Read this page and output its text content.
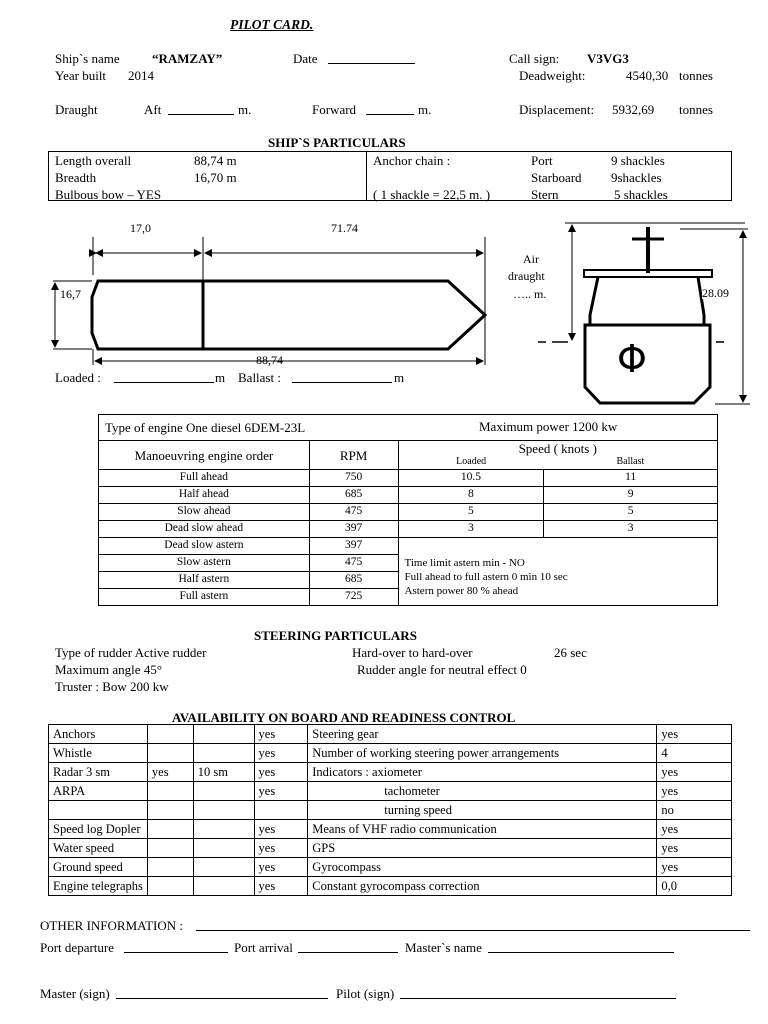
PILOT CARD.
Ship`s name “RAMZAY”	Date	Call sign: V3VG3
Year built 2014	Deadweight:	4540,30 tonnes
Draught	Aft	m.	Forward	m.	Displacement: 5932,69 tonnes
SHIP`S PARTICULARS
Length overall	88,74 m
Breadth	16,70 m
Bulbous bow – YES
Anchor chain :
( 1 shackle = 22,5 m. )
Port	9 shackles
Starboard 9shackles
Stern	5 shackles
17,0	71.74
16,7
88,74
Loaded :	m Ballast :	m	Φ
Air
draught
….. m.	28.09
Type of engine One diesel 6DEM-23L Maximum power 1200 kw			

Manoeuvring engine order	RPM	Speed ( knots )	
		Loaded	Ballast
Full ahead	750	10.5	11
Half ahead	685	8	9
Slow ahead	475	5	5
Dead slow ahead	397	3	3
Dead slow astern	397	Time limit astern min - NO
Full ahead to full astern 0 min 10 sec
Astern power 80 % ahead	

Slow astern	475		
Half astern	685		
Full astern	725		
STEERING PARTICULARS
Type of rudder Active rudder	Hard-over to hard-over	26 sec
Maximum angle 45°	Rudder angle for neutral effect 0
Truster : Bow 200 kw
AVAILABILITY ON BOARD AND READINESS CONTROL
Anchors			yes	Steering gear	yes
Whistle			yes	Number of working steering power arrangements	4
Radar 3 sm	yes	10 sm	yes	Indicators : axiometer	yes
ARPA			yes	tachometer	yes
				turning speed	no
Speed log Dopler			yes	Means of VHF radio communication	yes
Water speed			yes	GPS	yes
Ground speed			yes	Gyrocompass	yes
Engine telegraphs			yes	Constant gyrocompass correction	0,0
OTHER INFORMATION :
Port departure	Port arrival	Master`s name
Master (sign)	Pilot (sign)
